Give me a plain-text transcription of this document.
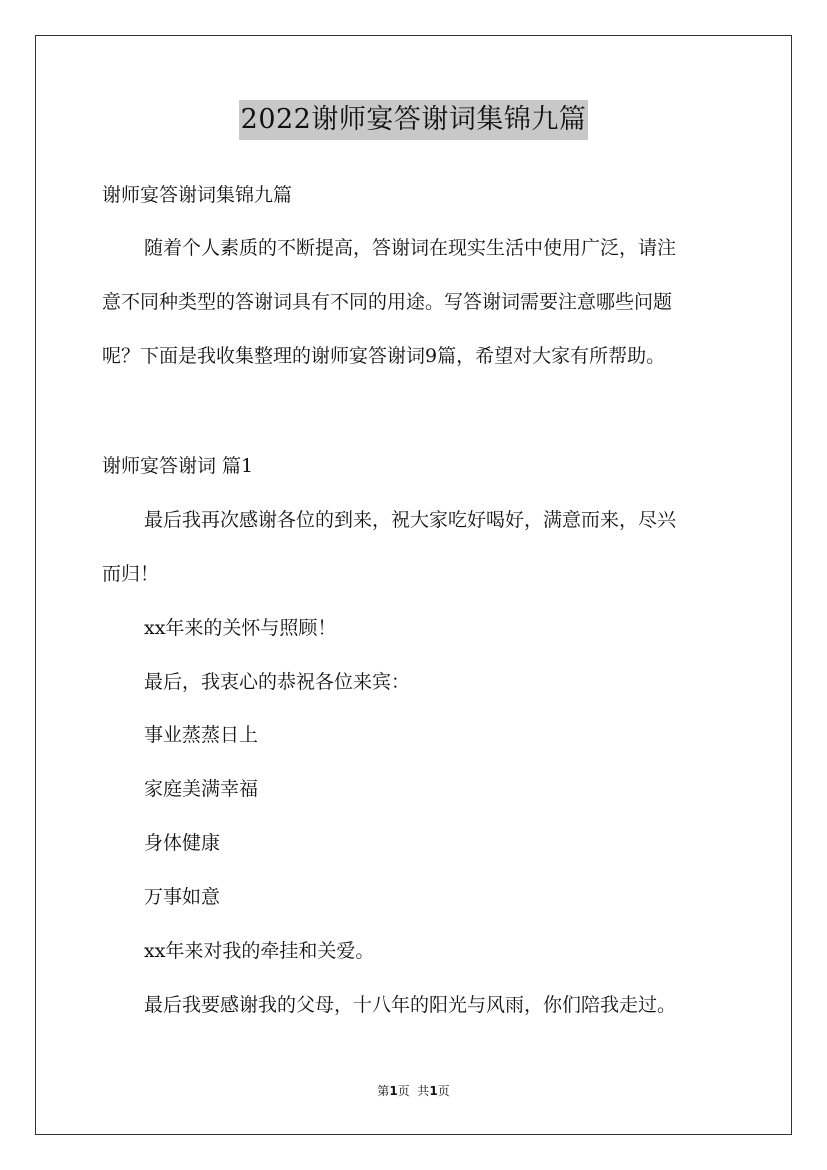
2022谢师宴答谢词集锦九篇
谢师宴答谢词集锦九篇
随着个人素质的不断提高，答谢词在现实生活中使用广泛，请注
意不同种类型的答谢词具有不同的用途。写答谢词需要注意哪些问题
呢？下面是我收集整理的谢师宴答谢词9篇，希望对大家有所帮助。
谢师宴答谢词 篇1
最后我再次感谢各位的到来，祝大家吃好喝好，满意而来，尽兴
而归！
xx年来的关怀与照顾！
最后，我衷心的恭祝各位来宾：
事业蒸蒸日上
家庭美满幸福
身体健康
万事如意
xx年来对我的牵挂和关爱。
最后我要感谢我的父母，十八年的阳光与风雨，你们陪我走过。
第1页  共1页
